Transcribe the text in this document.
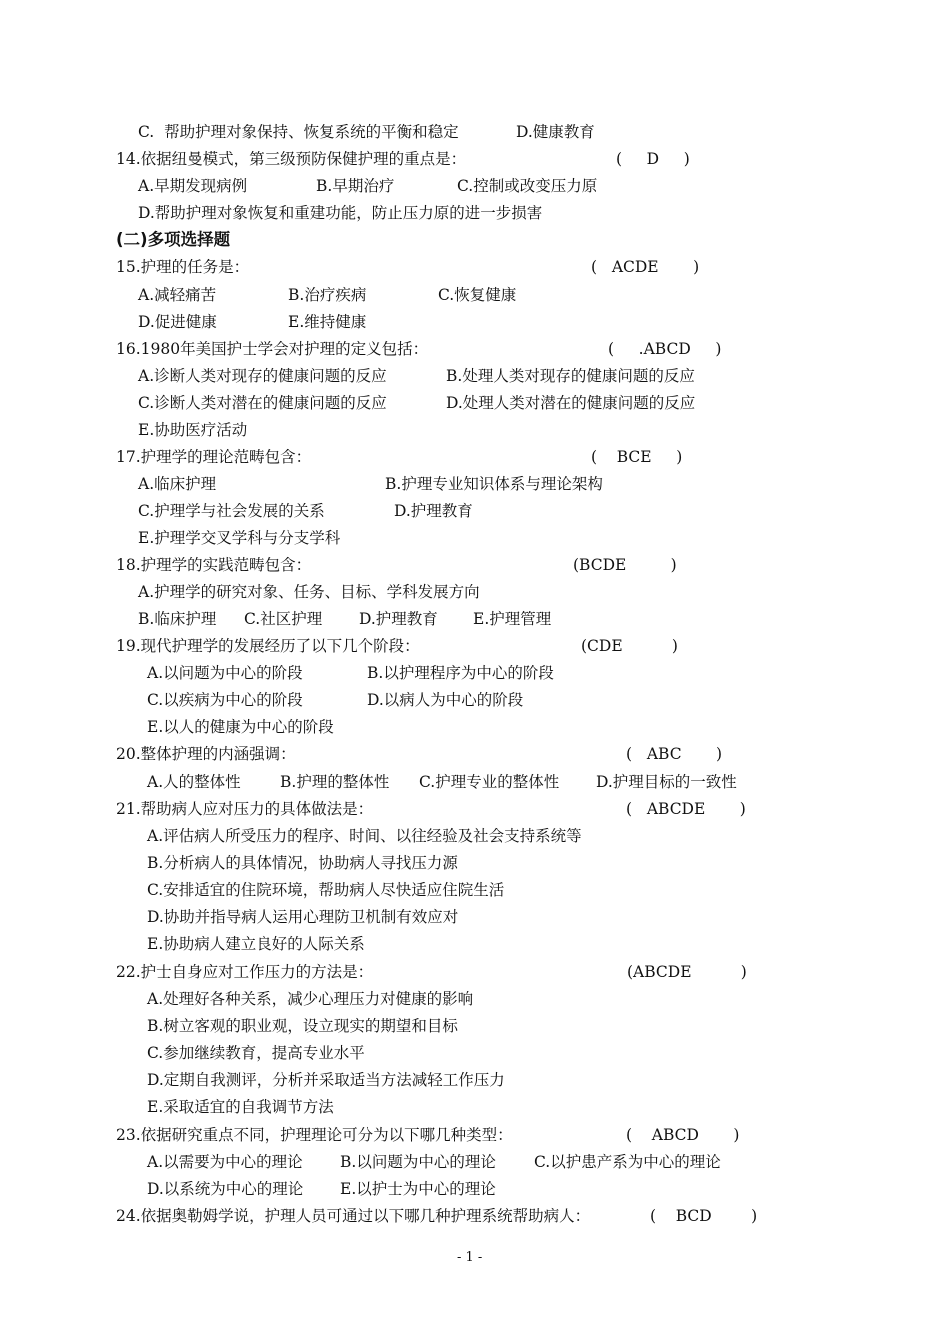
C.  帮助护理对象保持、恢复系统的平衡和稳定	D.健康教育
14.依据纽曼模式，第三级预防保健护理的重点是：	(     D     )
A.早期发现病例	B.早期治疗	C.控制或改变压力原
D.帮助护理对象恢复和重建功能，防止压力原的进一步损害
(二)多项选择题
15.护理的任务是：	(   ACDE       )
A.减轻痛苦	B.治疗疾病	C.恢复健康
D.促进健康	E.维持健康
16.1980年美国护士学会对护理的定义包括：	(     .ABCD     )
A.诊断人类对现存的健康问题的反应	B.处理人类对现存的健康问题的反应
C.诊断人类对潜在的健康问题的反应	D.处理人类对潜在的健康问题的反应
E.协助医疗活动
17.护理学的理论范畴包含：	(    BCE     )
A.临床护理	B.护理专业知识体系与理论架构
C.护理学与社会发展的关系	D.护理教育
E.护理学交叉学科与分支学科
18.护理学的实践范畴包含：	(BCDE         )
A.护理学的研究对象、任务、目标、学科发展方向
B.临床护理 C.社区护理 D.护理教育 E.护理管理
19.现代护理学的发展经历了以下几个阶段：	(CDE          )
A.以问题为中心的阶段	B.以护理程序为中心的阶段
C.以疾病为中心的阶段	D.以病人为中心的阶段
E.以人的健康为中心的阶段
20.整体护理的内涵强调：	(   ABC       )
A.人的整体性	B.护理的整体性 C.护理专业的整体性 D.护理目标的一致性
21.帮助病人应对压力的具体做法是：	(   ABCDE       )
A.评估病人所受压力的程序、时间、以往经验及社会支持系统等
B.分析病人的具体情况，协助病人寻找压力源
C.安排适宜的住院环境，帮助病人尽快适应住院生活
D.协助并指导病人运用心理防卫机制有效应对
E.协助病人建立良好的人际关系
22.护士自身应对工作压力的方法是：	(ABCDE          )
A.处理好各种关系，减少心理压力对健康的影响
B.树立客观的职业观，设立现实的期望和目标
C.参加继续教育，提高专业水平
D.定期自我测评，分析并采取适当方法减轻工作压力
E.采取适宜的自我调节方法
23.依据研究重点不同，护理理论可分为以下哪几种类型：	(    ABCD       )
A.以需要为中心的理论 B.以问题为中心的理论 C.以护患产系为中心的理论
D.以系统为中心的理论 E.以护士为中心的理论
24.依据奥勒姆学说，护理人员可通过以下哪几种护理系统帮助病人：	(    BCD        )
- 1 -
